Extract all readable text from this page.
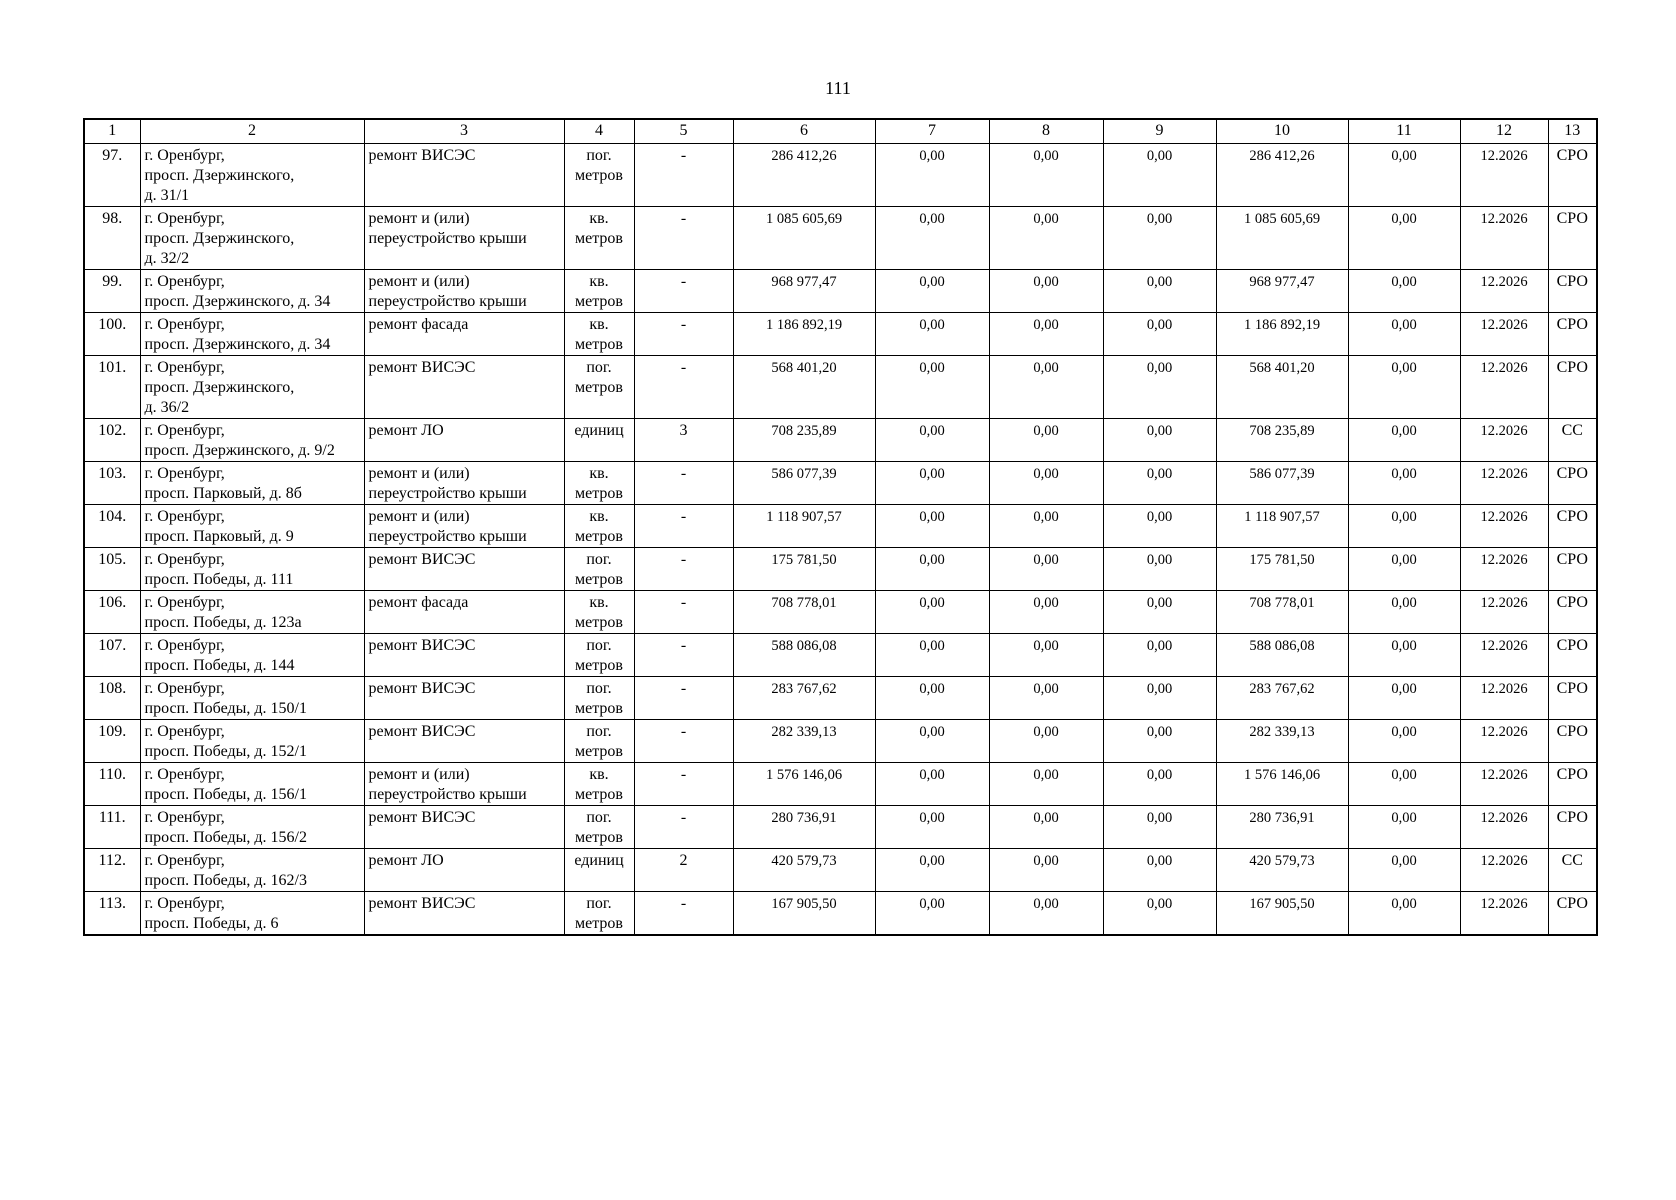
111
1	2	3	4	5	6	7	8	9	10	11	12	13
97.	г. Оренбург,
просп. Дзержинского,
д. 31/1	ремонт ВИСЭС	пог.
метров	-	286 412,26	0,00	0,00	0,00	286 412,26	0,00	12.2026	СРО
98.	г. Оренбург,
просп. Дзержинского,
д. 32/2	ремонт и (или)
переустройство крыши	кв.
метров	-	1 085 605,69	0,00	0,00	0,00	1 085 605,69	0,00	12.2026	СРО
99.	г. Оренбург,
просп. Дзержинского, д. 34	ремонт и (или)
переустройство крыши	кв.
метров	-	968 977,47	0,00	0,00	0,00	968 977,47	0,00	12.2026	СРО
100.	г. Оренбург,
просп. Дзержинского, д. 34	ремонт фасада	кв.
метров	-	1 186 892,19	0,00	0,00	0,00	1 186 892,19	0,00	12.2026	СРО
101.	г. Оренбург,
просп. Дзержинского,
д. 36/2	ремонт ВИСЭС	пог.
метров	-	568 401,20	0,00	0,00	0,00	568 401,20	0,00	12.2026	СРО
102.	г. Оренбург,
просп. Дзержинского, д. 9/2	ремонт ЛО	единиц	3	708 235,89	0,00	0,00	0,00	708 235,89	0,00	12.2026	СС
103.	г. Оренбург,
просп. Парковый, д. 8б	ремонт и (или)
переустройство крыши	кв.
метров	-	586 077,39	0,00	0,00	0,00	586 077,39	0,00	12.2026	СРО
104.	г. Оренбург,
просп. Парковый, д. 9	ремонт и (или)
переустройство крыши	кв.
метров	-	1 118 907,57	0,00	0,00	0,00	1 118 907,57	0,00	12.2026	СРО
105.	г. Оренбург,
просп. Победы, д. 111	ремонт ВИСЭС	пог.
метров	-	175 781,50	0,00	0,00	0,00	175 781,50	0,00	12.2026	СРО
106.	г. Оренбург,
просп. Победы, д. 123а	ремонт фасада	кв.
метров	-	708 778,01	0,00	0,00	0,00	708 778,01	0,00	12.2026	СРО
107.	г. Оренбург,
просп. Победы, д. 144	ремонт ВИСЭС	пог.
метров	-	588 086,08	0,00	0,00	0,00	588 086,08	0,00	12.2026	СРО
108.	г. Оренбург,
просп. Победы, д. 150/1	ремонт ВИСЭС	пог.
метров	-	283 767,62	0,00	0,00	0,00	283 767,62	0,00	12.2026	СРО
109.	г. Оренбург,
просп. Победы, д. 152/1	ремонт ВИСЭС	пог.
метров	-	282 339,13	0,00	0,00	0,00	282 339,13	0,00	12.2026	СРО
110.	г. Оренбург,
просп. Победы, д. 156/1	ремонт и (или)
переустройство крыши	кв.
метров	-	1 576 146,06	0,00	0,00	0,00	1 576 146,06	0,00	12.2026	СРО
111.	г. Оренбург,
просп. Победы, д. 156/2	ремонт ВИСЭС	пог.
метров	-	280 736,91	0,00	0,00	0,00	280 736,91	0,00	12.2026	СРО
112.	г. Оренбург,
просп. Победы, д. 162/3	ремонт ЛО	единиц	2	420 579,73	0,00	0,00	0,00	420 579,73	0,00	12.2026	СС
113.	г. Оренбург,
просп. Победы, д. 6	ремонт ВИСЭС	пог.
метров	-	167 905,50	0,00	0,00	0,00	167 905,50	0,00	12.2026	СРО
